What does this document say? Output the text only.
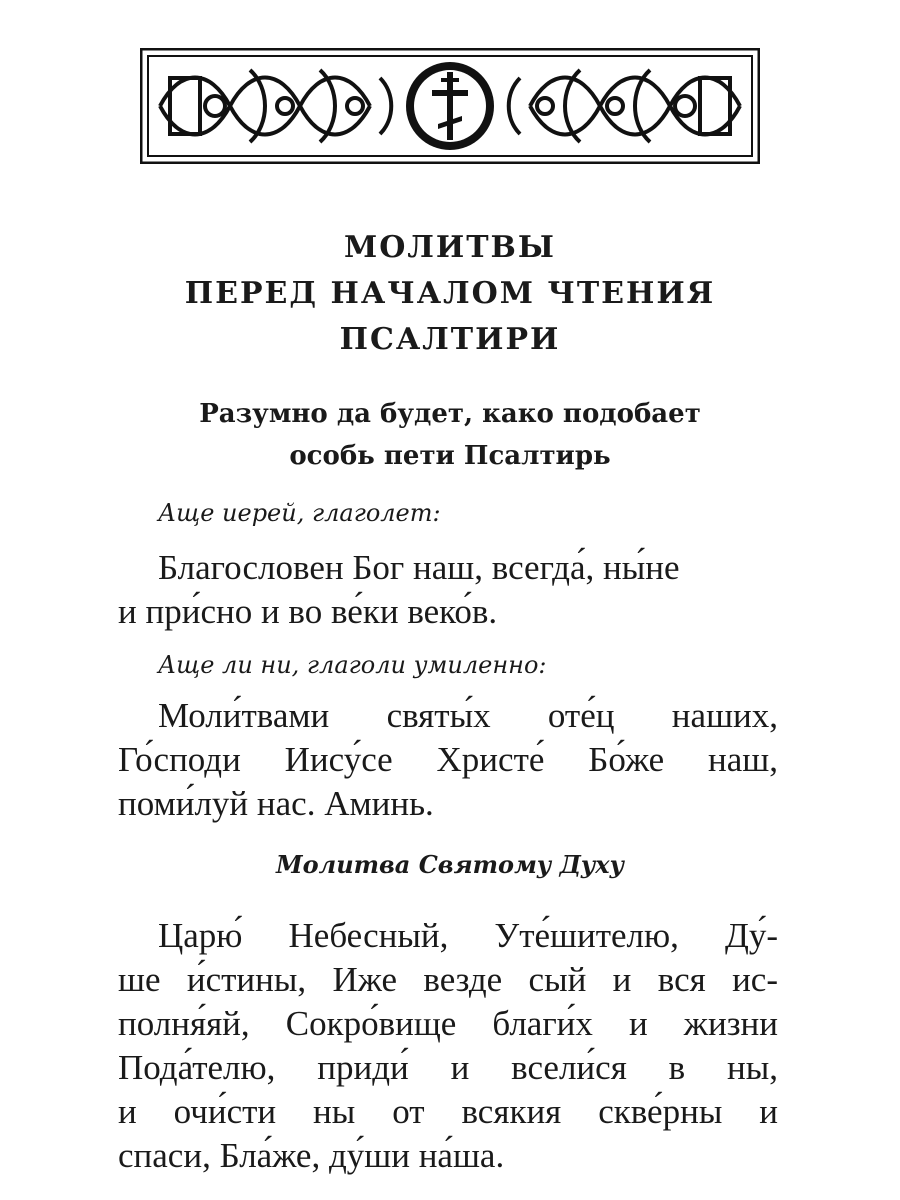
МОЛИТВЫ
ПЕРЕД НАЧАЛОМ ЧТЕНИЯ
ПСАЛТИРИ
Разумно да будет, како подобает
особь пети Псалтирь
Аще иерей, глаголет:
Благословен Бог наш, всегда́, ны́не
и при́сно и во ве́ки веко́в.
Аще ли ни, глаголи умиленно:
Моли́твами святы́х оте́ц наших,
Го́споди Иису́се Христе́ Бо́же наш,
поми́луй нас. Аминь.
Молитва Святому Духу
Царю́ Небесный, Уте́шителю, Ду́-
ше и́стины, Иже везде сый и вся ис-
полня́яй, Сокро́вище благи́х и жизни
Пода́телю, приди́ и всели́ся в ны,
и очи́сти ны от всякия скве́рны и
спаси, Бла́же, ду́ши на́ша.
